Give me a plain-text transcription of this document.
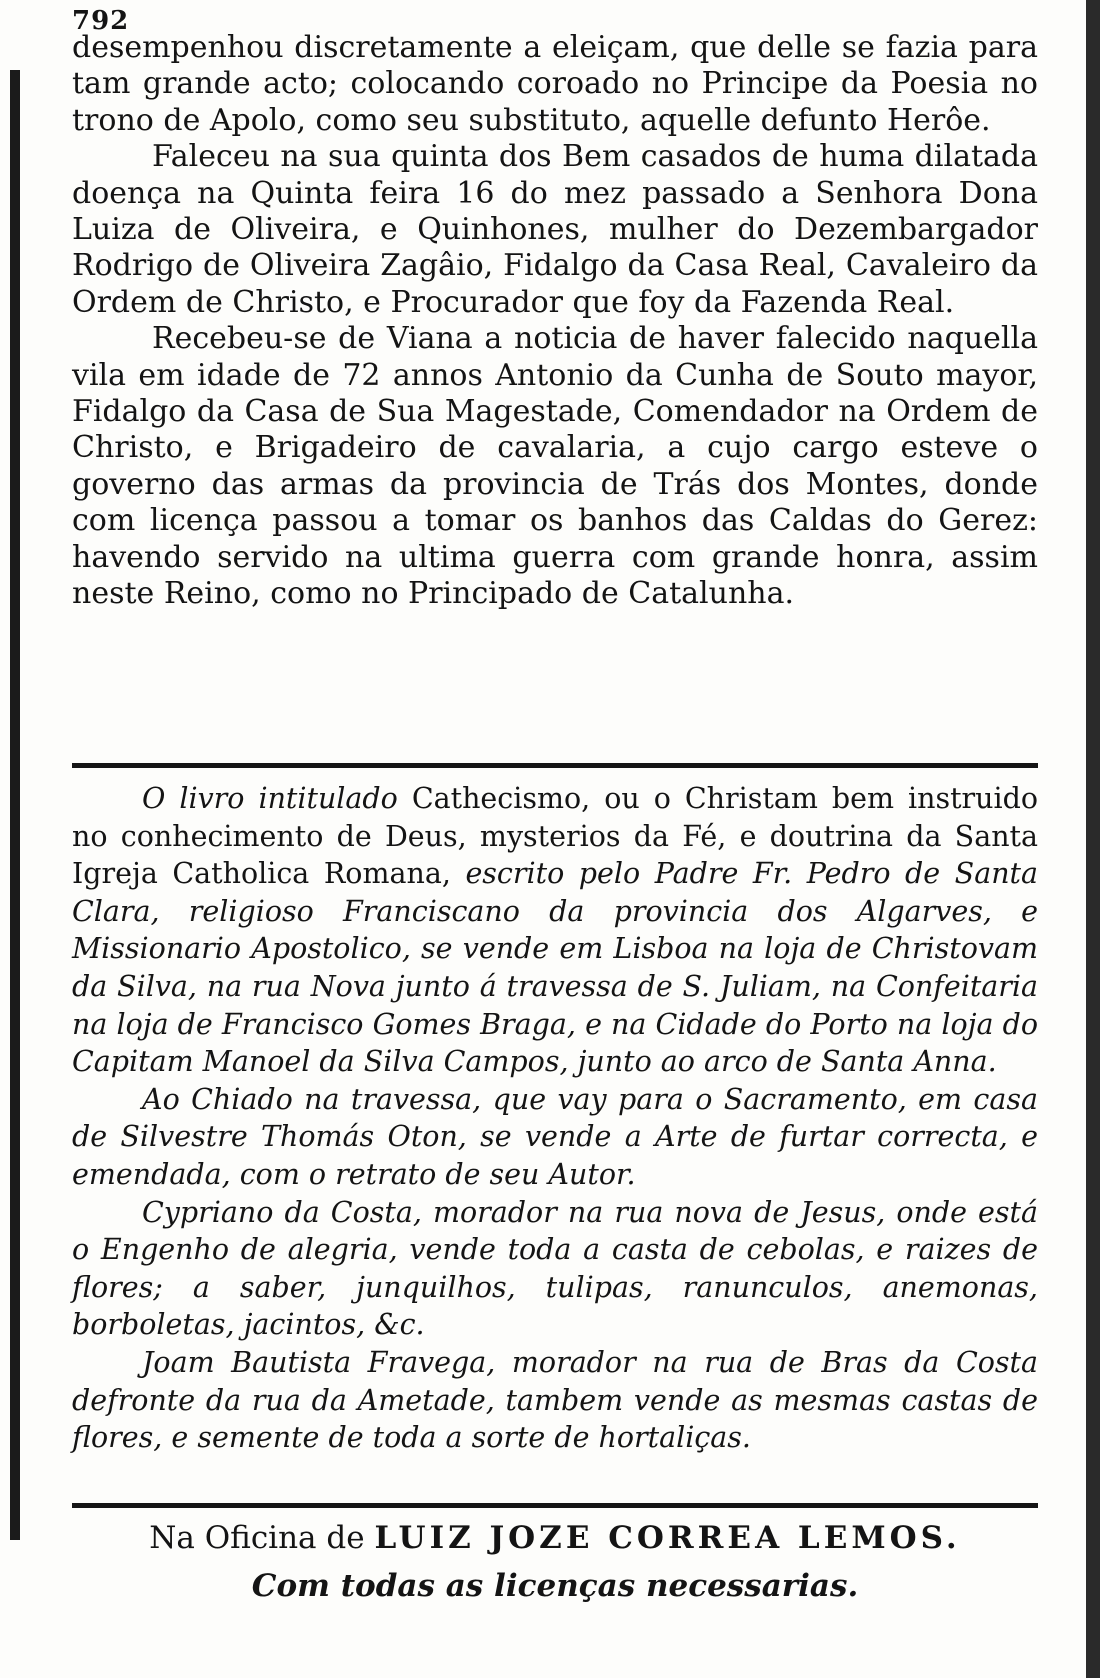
792

desempenhou discretamente a eleiçam, que delle se fazia para tam grande acto; colocando coroado no Principe da Poesia no trono de Apolo, como seu substituto, aquelle defunto Herôe.

Faleceu na sua quinta dos Bem casados de huma dilatada doença na Quinta feira 16 do mez passado a Senhora Dona Luiza de Oliveira, e Quinhones, mulher do Dezembargador Rodrigo de Oliveira Zagâio, Fidalgo da Casa Real, Cavaleiro da Ordem de Christo, e Procurador que foy da Fazenda Real.

Recebeu-se de Viana a noticia de haver falecido naquella vila em idade de 72 annos Antonio da Cunha de Souto mayor, Fidalgo da Casa de Sua Magestade, Comendador na Ordem de Christo, e Brigadeiro de cavalaria, a cujo cargo esteve o governo das armas da provincia de Trás dos Montes, donde com licença passou a tomar os banhos das Caldas do Gerez: havendo servido na ultima guerra com grande honra, assim neste Reino, como no Principado de Catalunha.

O livro intitulado Cathecismo, ou o Christam bem instruido no conhecimento de Deus, mysterios da Fé, e doutrina da Santa Igreja Catholica Romana, escrito pelo Padre Fr. Pedro de Santa Clara, religioso Franciscano da provincia dos Algarves, e Missionario Apostolico, se vende em Lisboa na loja de Christovam da Silva, na rua Nova junto á travessa de S. Juliam, na Confeitaria na loja de Francisco Gomes Braga, e na Cidade do Porto na loja do Capitam Manoel da Silva Campos, junto ao arco de Santa Anna.

Ao Chiado na travessa, que vay para o Sacramento, em casa de Silvestre Thomás Oton, se vende a Arte de furtar correcta, e emendada, com o retrato de seu Autor.

Cypriano da Costa, morador na rua nova de Jesus, onde está o Engenho de alegria, vende toda a casta de cebolas, e raizes de flores; a saber, junquilhos, tulipas, ranunculos, anemonas, borboletas, jacintos, &c.

Joam Bautista Fravega, morador na rua de Bras da Costa defronte da rua da Ametade, tambem vende as mesmas castas de flores, e semente de toda a sorte de hortaliças.

Na Oficina de LUIZ JOZE CORREA LEMOS.
Com todas as licenças necessarias.
